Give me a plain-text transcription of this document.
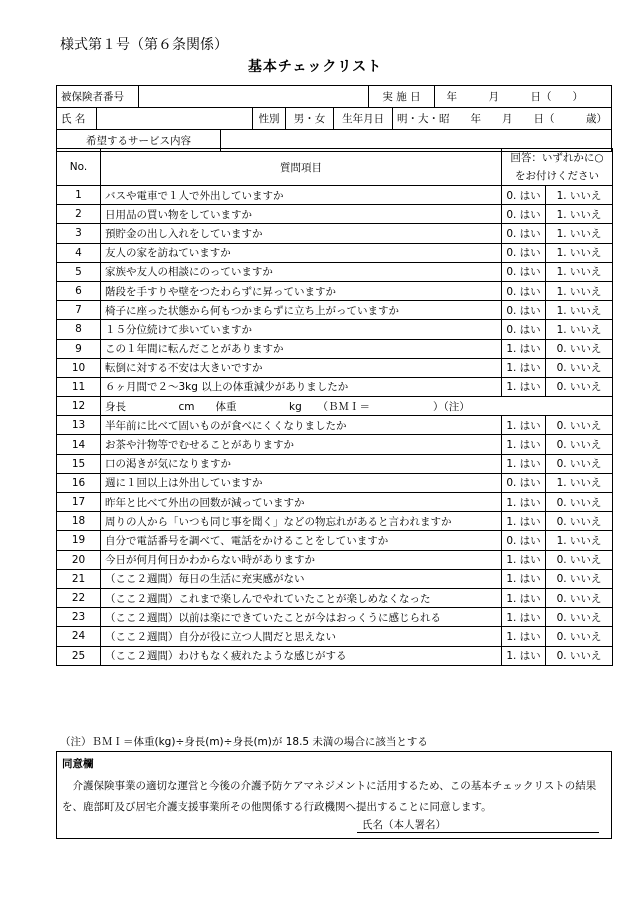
様式第１号（第６条関係）
基本チェックリスト
被保険者番号	実 施 日	年　　　月　　　日（　　）
氏 名	性別	男・女	生年月日	明・大・昭　　年　　月　　日（　　　歳）
希望するサービス内容
No.	質問項目	回答：いずれかに○
をお付けください	

1	バスや電車で１人で外出していますか	0. はい	1. いいえ
2	日用品の買い物をしていますか	0. はい	1. いいえ
3	預貯金の出し入れをしていますか	0. はい	1. いいえ
4	友人の家を訪ねていますか	0. はい	1. いいえ
5	家族や友人の相談にのっていますか	0. はい	1. いいえ
6	階段を手すりや壁をつたわらずに昇っていますか	0. はい	1. いいえ
7	椅子に座った状態から何もつかまらずに立ち上がっていますか	0. はい	1. いいえ
8	１５分位続けて歩いていますか	0. はい	1. いいえ
9	この１年間に転んだことがありますか	1. はい	0. いいえ
10	転倒に対する不安は大きいですか	1. はい	0. いいえ
11	６ヶ月間で２～3kg 以上の体重減少がありましたか	1. はい	0. いいえ
12	身長　　　　　cm　　体重　　　　　kg　　（ＢＭＩ＝　　　　　　）（注）		
13	半年前に比べて固いものが食べにくくなりましたか	1. はい	0. いいえ
14	お茶や汁物等でむせることがありますか	1. はい	0. いいえ
15	口の渇きが気になりますか	1. はい	0. いいえ
16	週に１回以上は外出していますか	0. はい	1. いいえ
17	昨年と比べて外出の回数が減っていますか	1. はい	0. いいえ
18	周りの人から「いつも同じ事を聞く」などの物忘れがあると言われますか	1. はい	0. いいえ
19	自分で電話番号を調べて、電話をかけることをしていますか	0. はい	1. いいえ
20	今日が何月何日かわからない時がありますか	1. はい	0. いいえ
21	（ここ２週間）毎日の生活に充実感がない	1. はい	0. いいえ
22	（ここ２週間）これまで楽しんでやれていたことが楽しめなくなった	1. はい	0. いいえ
23	（ここ２週間）以前は楽にできていたことが今はおっくうに感じられる	1. はい	0. いいえ
24	（ここ２週間）自分が役に立つ人間だと思えない	1. はい	0. いいえ
25	（ここ２週間）わけもなく疲れたような感じがする	1. はい	0. いいえ
（注）ＢＭＩ＝体重(kg)÷身長(m)÷身長(m)が 18.5 未満の場合に該当とする
同意欄
介護保険事業の適切な運営と今後の介護予防ケアマネジメントに活用するため、この基本チェックリストの結果を、鹿部町及び居宅介護支援事業所その他関係する行政機関へ提出することに同意します。
氏名（本人署名）
